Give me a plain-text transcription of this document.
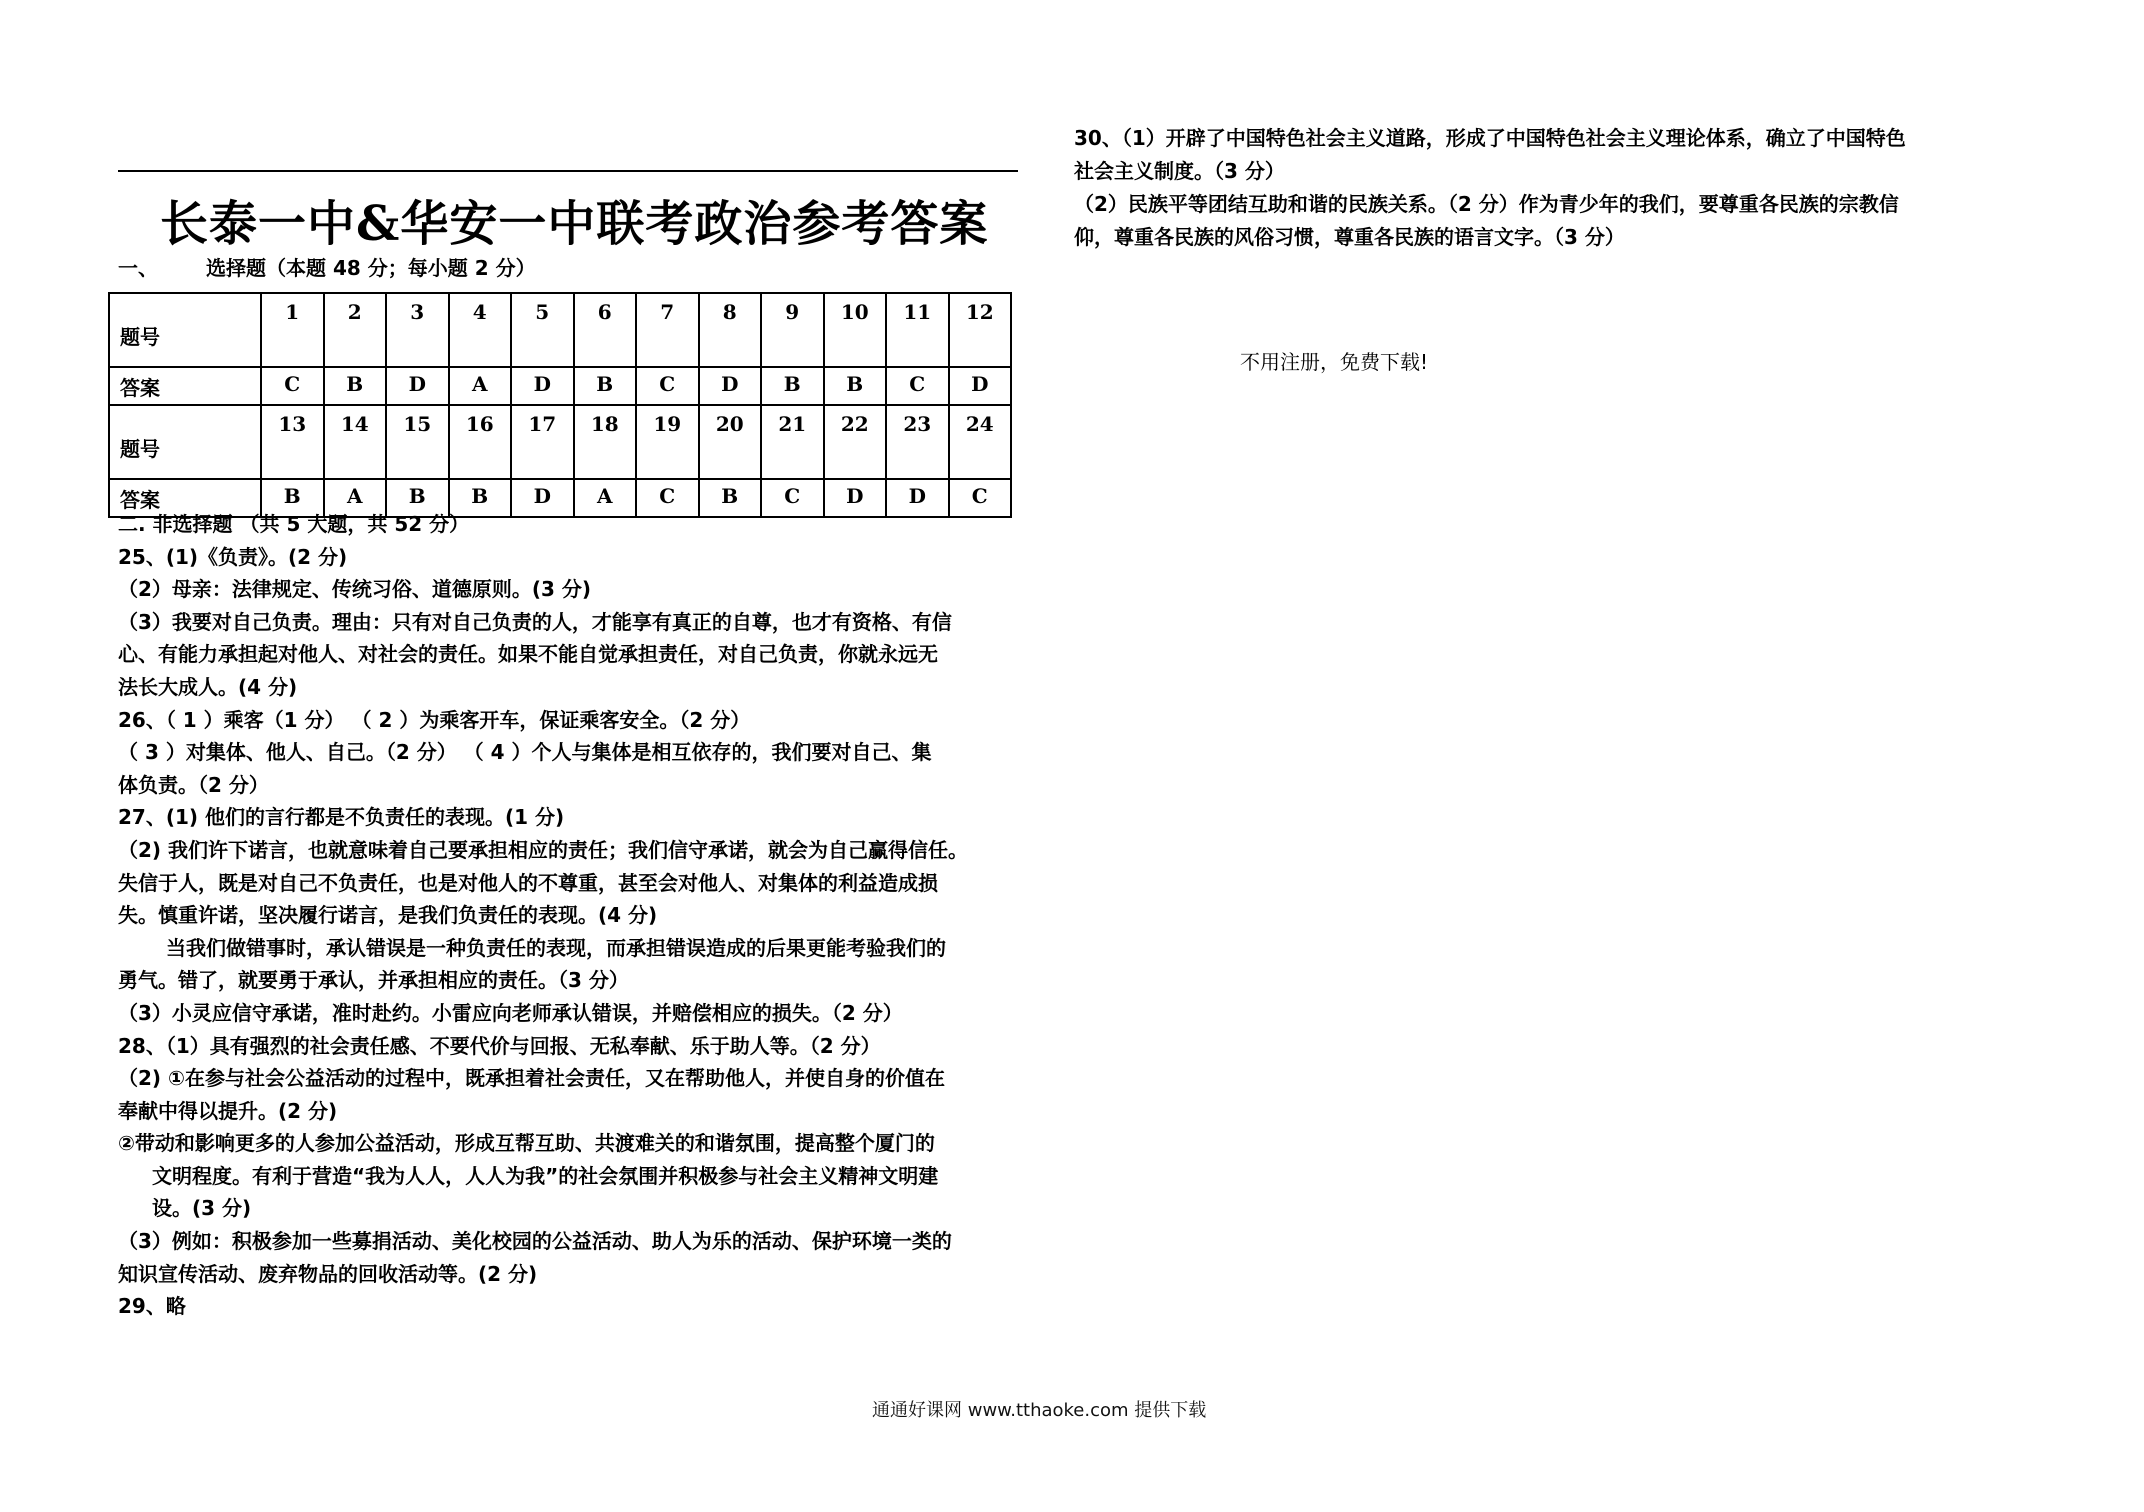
长泰一中&华安一中联考政治参考答案
一、 选择题（本题 48 分；每小题 2 分）
题号	1	2	3	4	5	6	7	8	9	10	11	12
答案	C	B	D	A	D	B	C	D	B	B	C	D
题号	13	14	15	16	17	18	19	20	21	22	23	24
答案	B	A	B	B	D	A	C	B	C	D	D	C
二. 非选择题 （共 5 大题，共 52 分）
25、(1)《负责》。(2 分)
（2）母亲：法律规定、传统习俗、道德原则。(3 分)
（3）我要对自己负责。理由：只有对自己负责的人，才能享有真正的自尊，也才有资格、有信
心、有能力承担起对他人、对社会的责任。如果不能自觉承担责任，对自己负责，你就永远无
法长大成人。(4 分)
26、（ 1 ）乘客（1 分） （ 2 ）为乘客开车，保证乘客安全。（2 分）
（ 3 ）对集体、他人、自己。（2 分） （ 4 ）个人与集体是相互依存的，我们要对自己、集
体负责。（2 分）
27、(1) 他们的言行都是不负责任的表现。(1 分)
（2) 我们许下诺言，也就意味着自己要承担相应的责任；我们信守承诺，就会为自己赢得信任。
失信于人，既是对自己不负责任，也是对他人的不尊重，甚至会对他人、对集体的利益造成损
失。慎重许诺，坚决履行诺言，是我们负责任的表现。(4 分)
当我们做错事时，承认错误是一种负责任的表现，而承担错误造成的后果更能考验我们的
勇气。错了，就要勇于承认，并承担相应的责任。（3 分）
（3）小灵应信守承诺，准时赴约。小雷应向老师承认错误，并赔偿相应的损失。（2 分）
28、（1）具有强烈的社会责任感、不要代价与回报、无私奉献、乐于助人等。（2 分）
（2) ①在参与社会公益活动的过程中，既承担着社会责任，又在帮助他人，并使自身的价值在
奉献中得以提升。(2 分)
②带动和影响更多的人参加公益活动，形成互帮互助、共渡难关的和谐氛围，提高整个厦门的
文明程度。有利于营造“我为人人，人人为我”的社会氛围并积极参与社会主义精神文明建
设。(3 分)
（3）例如：积极参加一些募捐活动、美化校园的公益活动、助人为乐的活动、保护环境一类的
知识宣传活动、废弃物品的回收活动等。(2 分)
29、略
30、（1）开辟了中国特色社会主义道路，形成了中国特色社会主义理论体系，确立了中国特色
社会主义制度。（3 分）
（2）民族平等团结互助和谐的民族关系。（2 分）作为青少年的我们，要尊重各民族的宗教信
仰，尊重各民族的风俗习惯，尊重各民族的语言文字。（3 分）
不用注册，免费下载!
通通好课网 www.tthaoke.com 提供下载
